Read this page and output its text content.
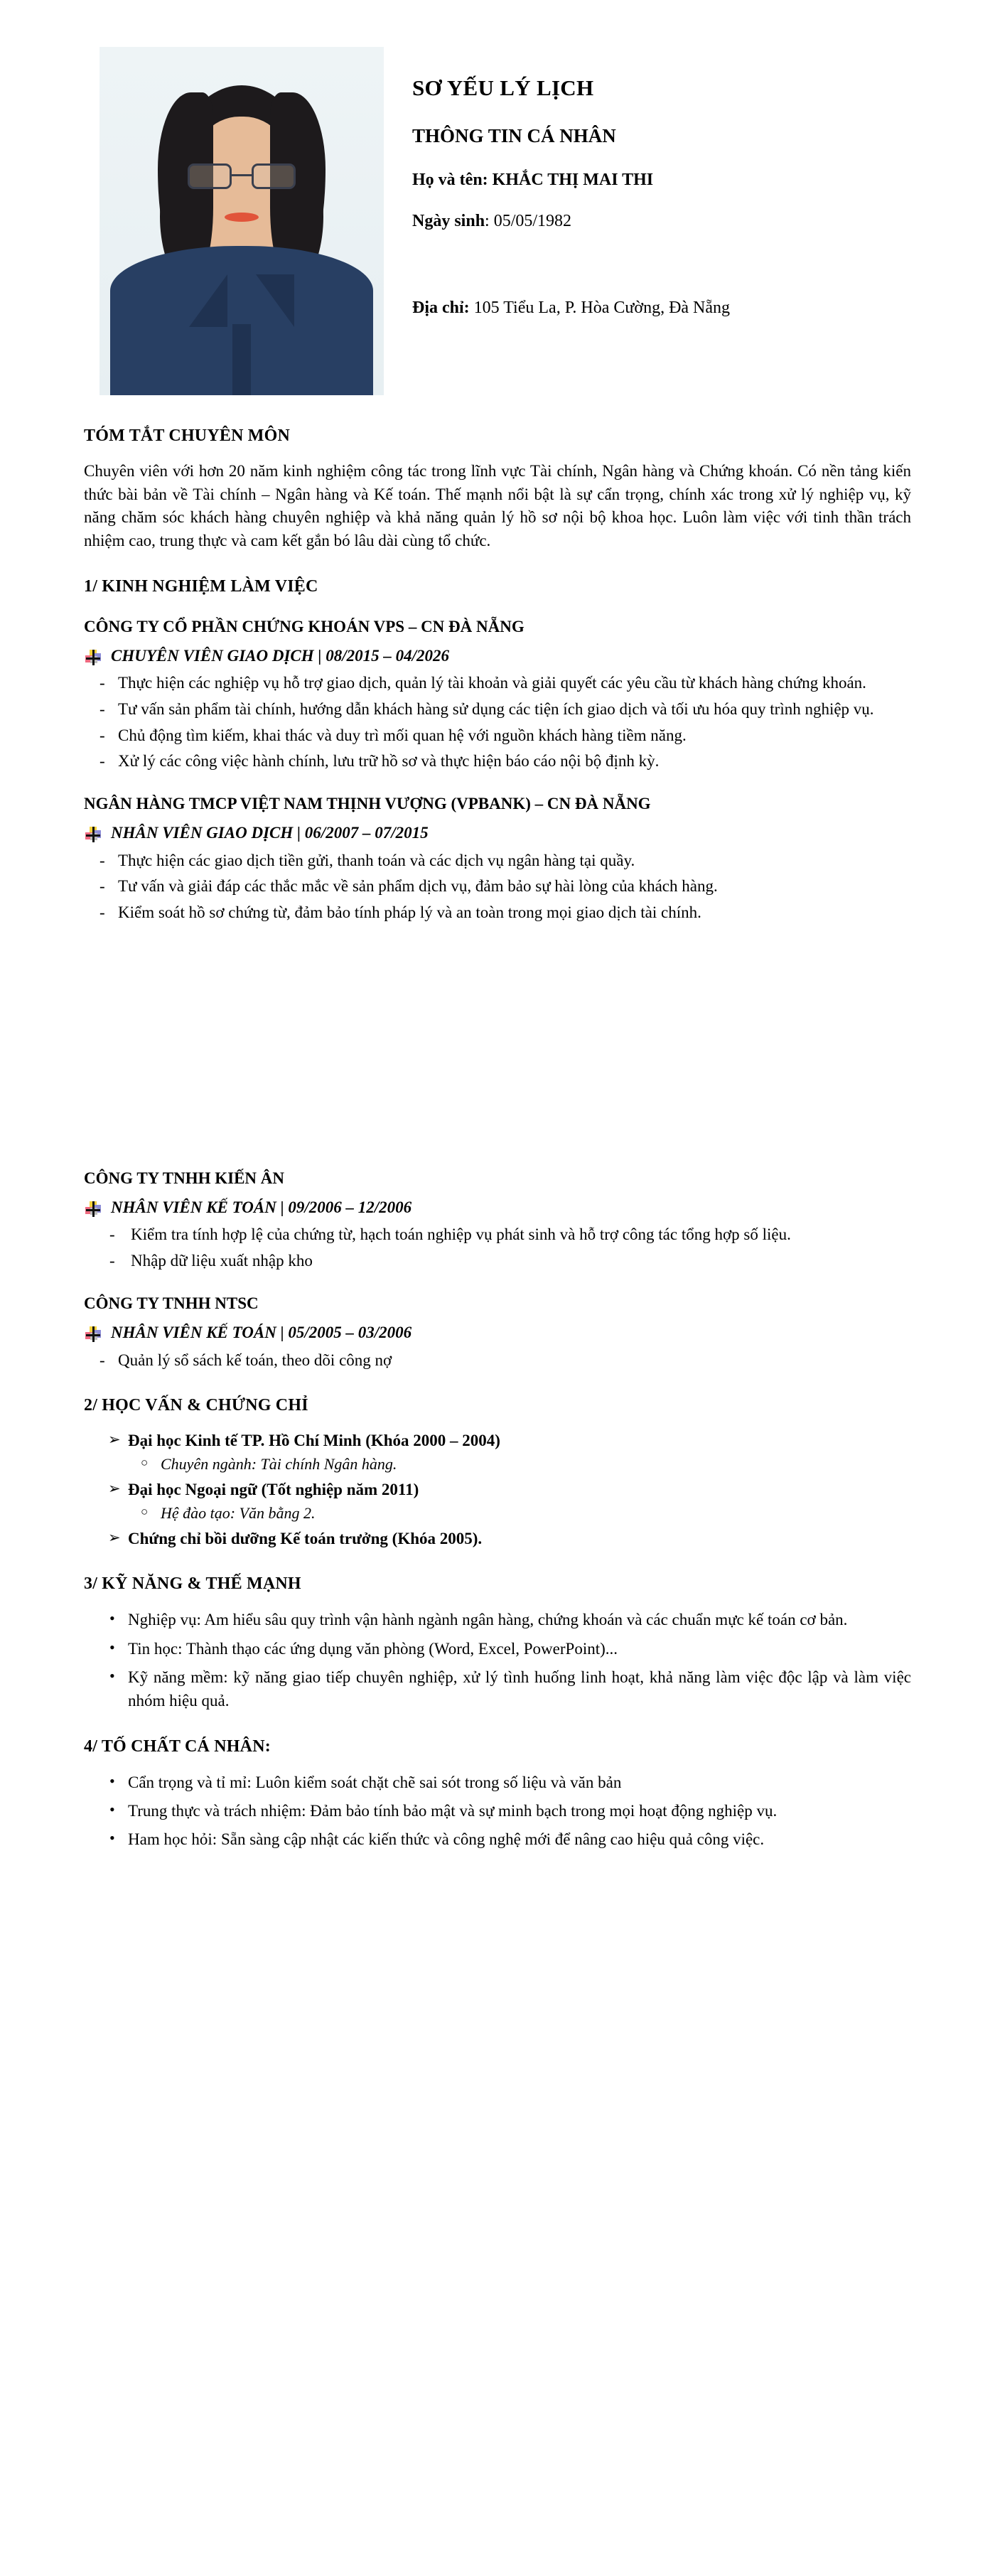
SƠ YẾU LÝ LỊCH
THÔNG TIN CÁ NHÂN
Họ và tên: KHẮC THỊ MAI THI
Ngày sinh: 05/05/1982
Địa chỉ: 105 Tiểu La, P. Hòa Cường, Đà Nẵng
TÓM TẮT CHUYÊN MÔN

Chuyên viên với hơn 20 năm kinh nghiệm công tác trong lĩnh vực Tài chính, Ngân hàng và Chứng khoán. Có nền tảng kiến thức bài bản về Tài chính – Ngân hàng và Kế toán. Thế mạnh nổi bật là sự cẩn trọng, chính xác trong xử lý nghiệp vụ, kỹ năng chăm sóc khách hàng chuyên nghiệp và khả năng quản lý hồ sơ nội bộ khoa học. Luôn làm việc với tinh thần trách nhiệm cao, trung thực và cam kết gắn bó lâu dài cùng tổ chức.

1/ KINH NGHIỆM LÀM VIỆC
CÔNG TY CỔ PHẦN CHỨNG KHOÁN VPS – CN ĐÀ NẴNG
CHUYÊN VIÊN GIAO DỊCH | 08/2015 – 04/2026
- Thực hiện các nghiệp vụ hỗ trợ giao dịch, quản lý tài khoản và giải quyết các yêu cầu từ khách hàng chứng khoán.
- Tư vấn sản phẩm tài chính, hướng dẫn khách hàng sử dụng các tiện ích giao dịch và tối ưu hóa quy trình nghiệp vụ.
- Chủ động tìm kiếm, khai thác và duy trì mối quan hệ với nguồn khách hàng tiềm năng.
- Xử lý các công việc hành chính, lưu trữ hồ sơ và thực hiện báo cáo nội bộ định kỳ.
NGÂN HÀNG TMCP VIỆT NAM THỊNH VƯỢNG (VPBANK) – CN ĐÀ NẴNG
NHÂN VIÊN GIAO DỊCH | 06/2007 – 07/2015
- Thực hiện các giao dịch tiền gửi, thanh toán và các dịch vụ ngân hàng tại quầy.
- Tư vấn và giải đáp các thắc mắc về sản phẩm dịch vụ, đảm bảo sự hài lòng của khách hàng.
- Kiểm soát hồ sơ chứng từ, đảm bảo tính pháp lý và an toàn trong mọi giao dịch tài chính.
CÔNG TY TNHH KIẾN ÂN
NHÂN VIÊN KẾ TOÁN | 09/2006 – 12/2006
- Kiểm tra tính hợp lệ của chứng từ, hạch toán nghiệp vụ phát sinh và hỗ trợ công tác tổng hợp số liệu.
- Nhập dữ liệu xuất nhập kho
CÔNG TY TNHH NTSC
NHÂN VIÊN KẾ TOÁN | 05/2005 – 03/2006
- Quản lý sổ sách kế toán, theo dõi công nợ
2/ HỌC VẤN & CHỨNG CHỈ
➢ Đại học Kinh tế TP. Hồ Chí Minh (Khóa 2000 – 2004)
○ Chuyên ngành: Tài chính Ngân hàng.
➢ Đại học Ngoại ngữ (Tốt nghiệp năm 2011)
○ Hệ đào tạo: Văn bằng 2.
➢ Chứng chỉ bồi dưỡng Kế toán trưởng (Khóa 2005).
3/ KỸ NĂNG & THẾ MẠNH
• Nghiệp vụ: Am hiểu sâu quy trình vận hành ngành ngân hàng, chứng khoán và các chuẩn mực kế toán cơ bản.
• Tin học: Thành thạo các ứng dụng văn phòng (Word, Excel, PowerPoint)...
• Kỹ năng mềm: kỹ năng giao tiếp chuyên nghiệp, xử lý tình huống linh hoạt, khả năng làm việc độc lập và làm việc nhóm hiệu quả.
4/ TỐ CHẤT CÁ NHÂN:
• Cẩn trọng và tỉ mỉ: Luôn kiểm soát chặt chẽ sai sót trong số liệu và văn bản
• Trung thực và trách nhiệm: Đảm bảo tính bảo mật và sự minh bạch trong mọi hoạt động nghiệp vụ.
• Ham học hỏi: Sẵn sàng cập nhật các kiến thức và công nghệ mới để nâng cao hiệu quả công việc.
